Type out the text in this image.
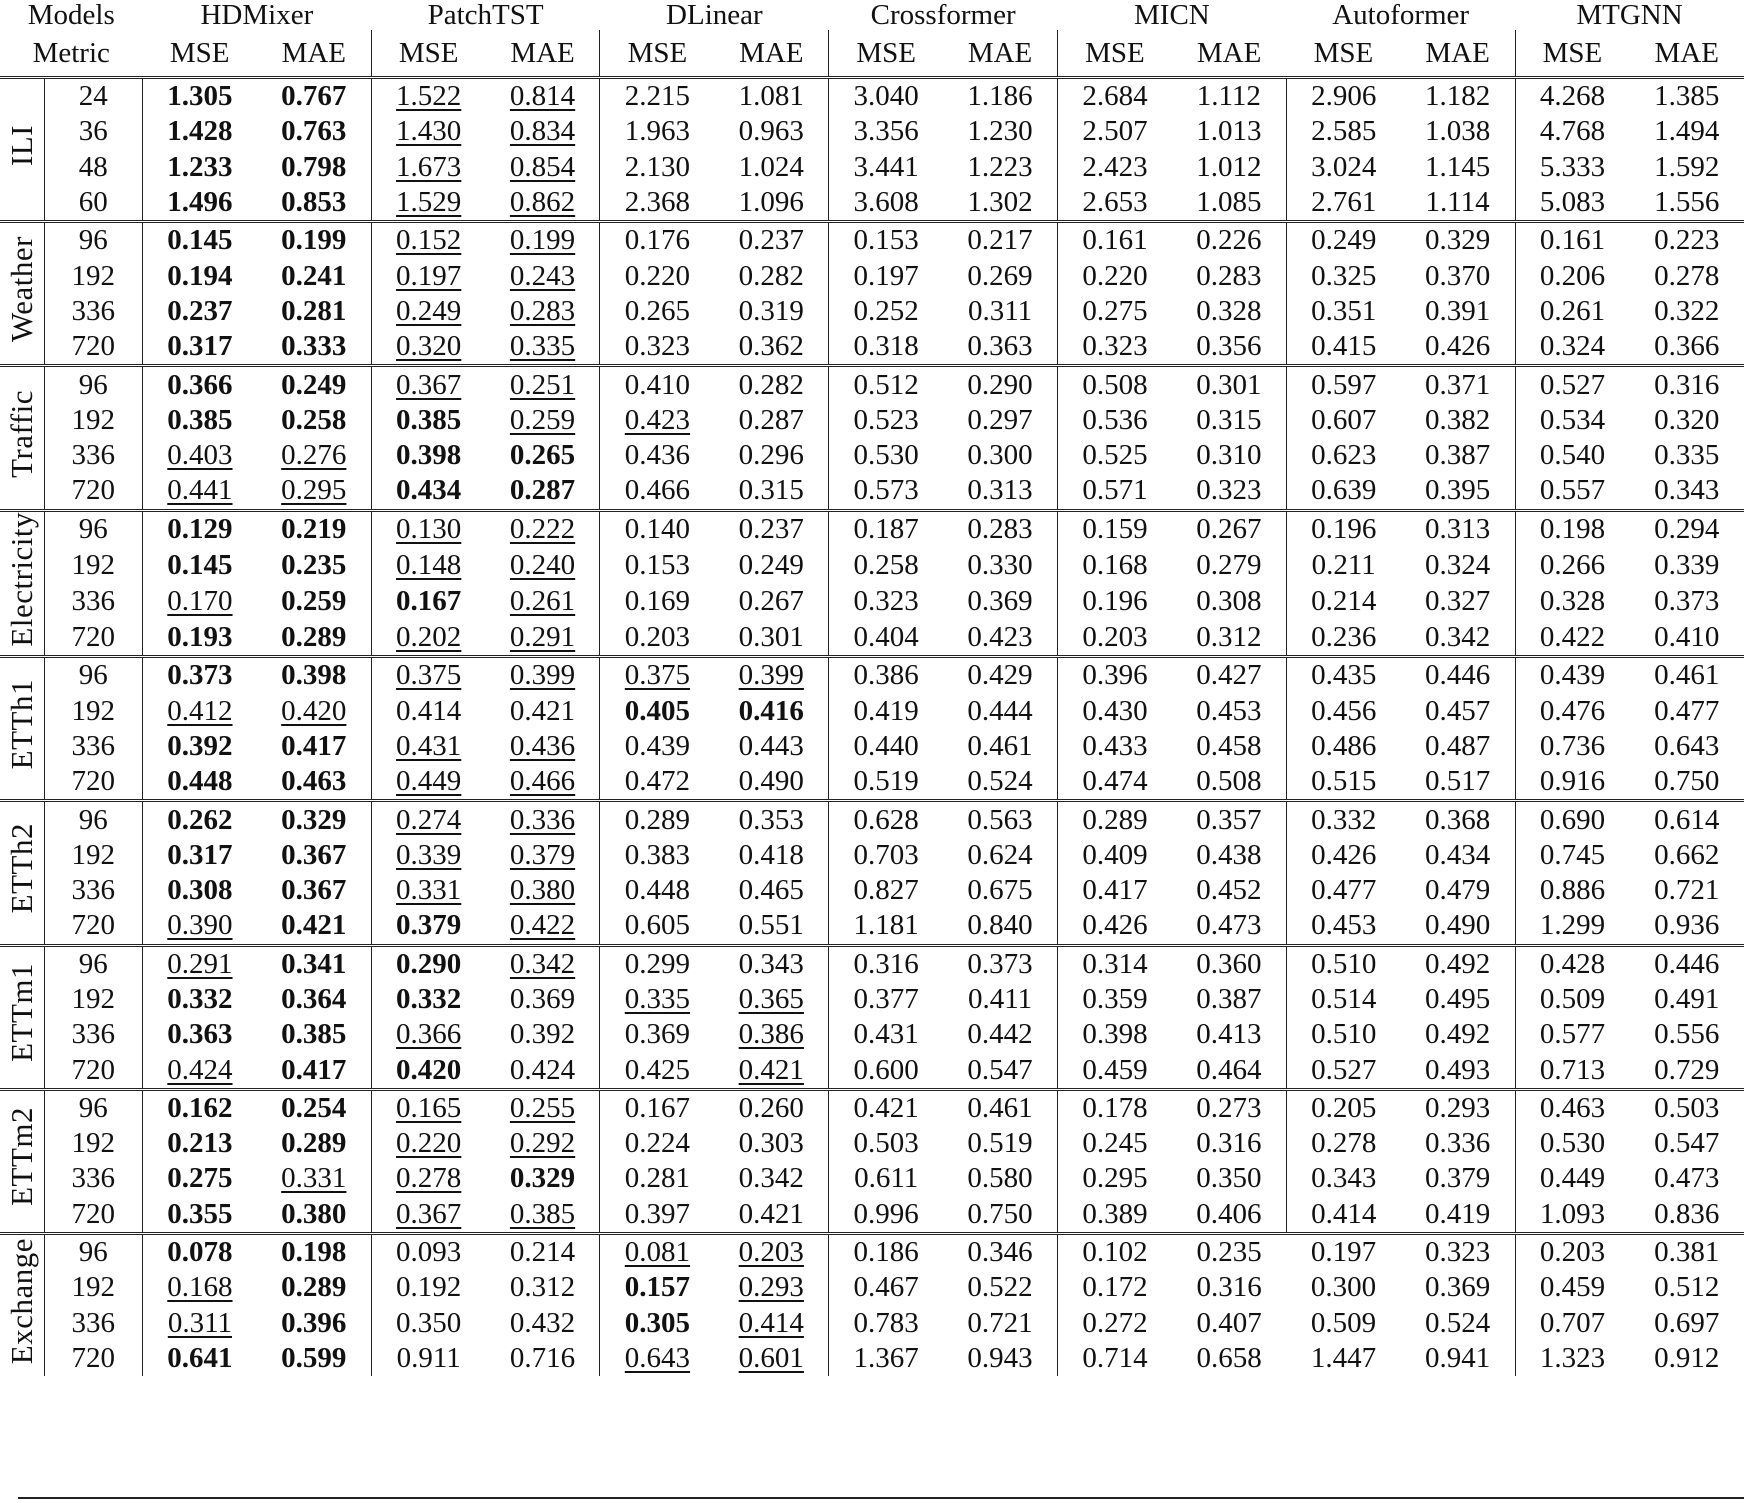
Models		HDMixer		PatchTST		DLinear		Crossformer		MICN		Autoformer		MTGNN	
Metric		MSE	MAE	MSE	MAE	MSE	MAE	MSE	MAE	MSE	MAE	MSE	MAE	MSE	MAE
ILI	24	1.305	0.767	1.522	0.814	2.215	1.081	3.040	1.186	2.684	1.112	2.906	1.182	4.268	1.385
	36	1.428	0.763	1.430	0.834	1.963	0.963	3.356	1.230	2.507	1.013	2.585	1.038	4.768	1.494
	48	1.233	0.798	1.673	0.854	2.130	1.024	3.441	1.223	2.423	1.012	3.024	1.145	5.333	1.592
	60	1.496	0.853	1.529	0.862	2.368	1.096	3.608	1.302	2.653	1.085	2.761	1.114	5.083	1.556
Weather	96	0.145	0.199	0.152	0.199	0.176	0.237	0.153	0.217	0.161	0.226	0.249	0.329	0.161	0.223
	192	0.194	0.241	0.197	0.243	0.220	0.282	0.197	0.269	0.220	0.283	0.325	0.370	0.206	0.278
	336	0.237	0.281	0.249	0.283	0.265	0.319	0.252	0.311	0.275	0.328	0.351	0.391	0.261	0.322
	720	0.317	0.333	0.320	0.335	0.323	0.362	0.318	0.363	0.323	0.356	0.415	0.426	0.324	0.366
Traffic	96	0.366	0.249	0.367	0.251	0.410	0.282	0.512	0.290	0.508	0.301	0.597	0.371	0.527	0.316
	192	0.385	0.258	0.385	0.259	0.423	0.287	0.523	0.297	0.536	0.315	0.607	0.382	0.534	0.320
	336	0.403	0.276	0.398	0.265	0.436	0.296	0.530	0.300	0.525	0.310	0.623	0.387	0.540	0.335
	720	0.441	0.295	0.434	0.287	0.466	0.315	0.573	0.313	0.571	0.323	0.639	0.395	0.557	0.343
Electricity	96	0.129	0.219	0.130	0.222	0.140	0.237	0.187	0.283	0.159	0.267	0.196	0.313	0.198	0.294
	192	0.145	0.235	0.148	0.240	0.153	0.249	0.258	0.330	0.168	0.279	0.211	0.324	0.266	0.339
	336	0.170	0.259	0.167	0.261	0.169	0.267	0.323	0.369	0.196	0.308	0.214	0.327	0.328	0.373
	720	0.193	0.289	0.202	0.291	0.203	0.301	0.404	0.423	0.203	0.312	0.236	0.342	0.422	0.410
ETTh1	96	0.373	0.398	0.375	0.399	0.375	0.399	0.386	0.429	0.396	0.427	0.435	0.446	0.439	0.461
	192	0.412	0.420	0.414	0.421	0.405	0.416	0.419	0.444	0.430	0.453	0.456	0.457	0.476	0.477
	336	0.392	0.417	0.431	0.436	0.439	0.443	0.440	0.461	0.433	0.458	0.486	0.487	0.736	0.643
	720	0.448	0.463	0.449	0.466	0.472	0.490	0.519	0.524	0.474	0.508	0.515	0.517	0.916	0.750
ETTh2	96	0.262	0.329	0.274	0.336	0.289	0.353	0.628	0.563	0.289	0.357	0.332	0.368	0.690	0.614
	192	0.317	0.367	0.339	0.379	0.383	0.418	0.703	0.624	0.409	0.438	0.426	0.434	0.745	0.662
	336	0.308	0.367	0.331	0.380	0.448	0.465	0.827	0.675	0.417	0.452	0.477	0.479	0.886	0.721
	720	0.390	0.421	0.379	0.422	0.605	0.551	1.181	0.840	0.426	0.473	0.453	0.490	1.299	0.936
ETTm1	96	0.291	0.341	0.290	0.342	0.299	0.343	0.316	0.373	0.314	0.360	0.510	0.492	0.428	0.446
	192	0.332	0.364	0.332	0.369	0.335	0.365	0.377	0.411	0.359	0.387	0.514	0.495	0.509	0.491
	336	0.363	0.385	0.366	0.392	0.369	0.386	0.431	0.442	0.398	0.413	0.510	0.492	0.577	0.556
	720	0.424	0.417	0.420	0.424	0.425	0.421	0.600	0.547	0.459	0.464	0.527	0.493	0.713	0.729
ETTm2	96	0.162	0.254	0.165	0.255	0.167	0.260	0.421	0.461	0.178	0.273	0.205	0.293	0.463	0.503
	192	0.213	0.289	0.220	0.292	0.224	0.303	0.503	0.519	0.245	0.316	0.278	0.336	0.530	0.547
	336	0.275	0.331	0.278	0.329	0.281	0.342	0.611	0.580	0.295	0.350	0.343	0.379	0.449	0.473
	720	0.355	0.380	0.367	0.385	0.397	0.421	0.996	0.750	0.389	0.406	0.414	0.419	1.093	0.836
Exchange	96	0.078	0.198	0.093	0.214	0.081	0.203	0.186	0.346	0.102	0.235	0.197	0.323	0.203	0.381
	192	0.168	0.289	0.192	0.312	0.157	0.293	0.467	0.522	0.172	0.316	0.300	0.369	0.459	0.512
	336	0.311	0.396	0.350	0.432	0.305	0.414	0.783	0.721	0.272	0.407	0.509	0.524	0.707	0.697
	720	0.641	0.599	0.911	0.716	0.643	0.601	1.367	0.943	0.714	0.658	1.447	0.941	1.323	0.912
